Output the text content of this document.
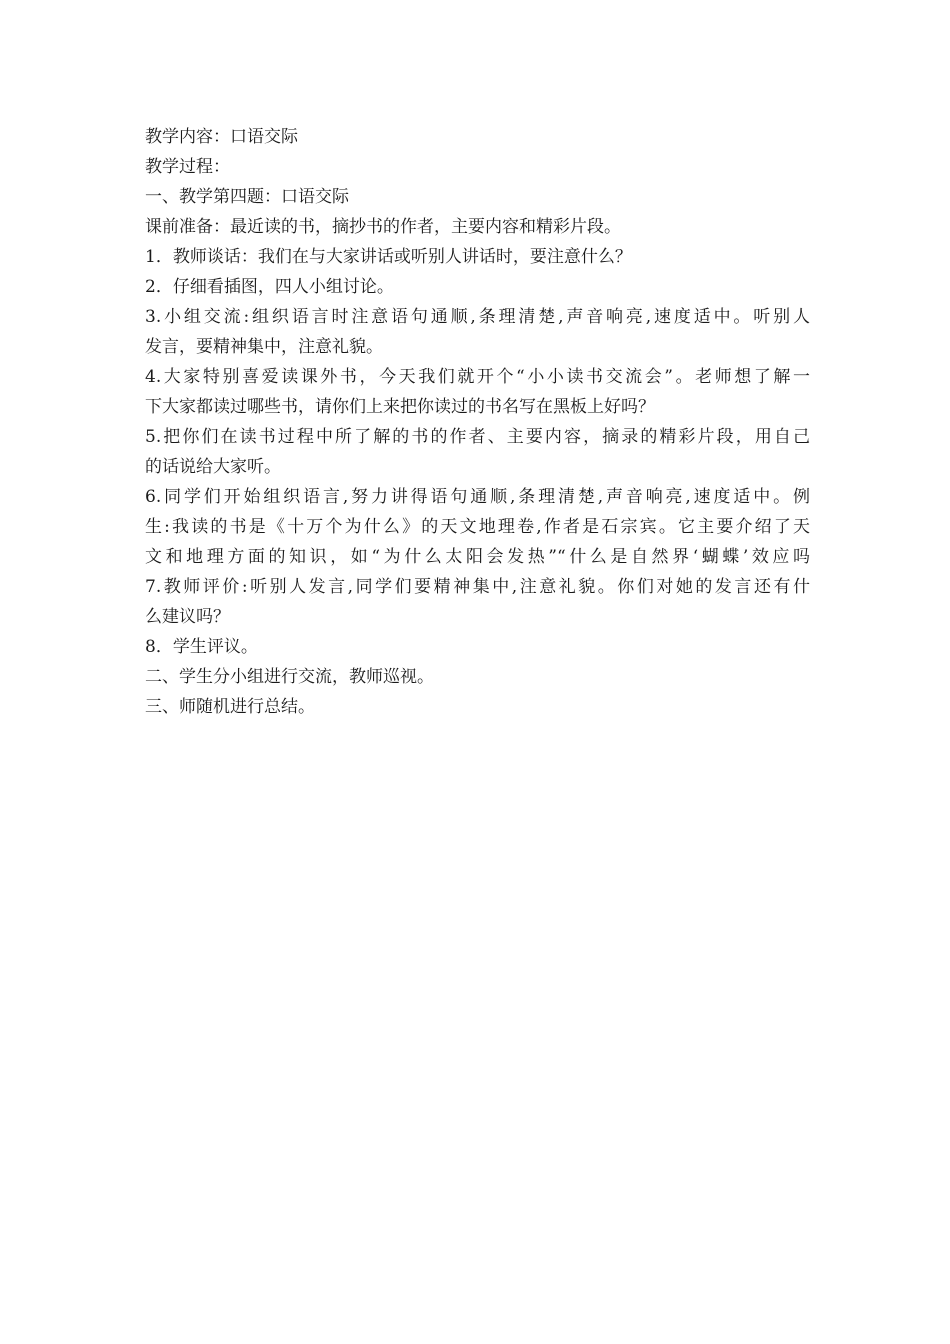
教学内容：口语交际
教学过程：
一、教学第四题：口语交际
课前准备：最近读的书，摘抄书的作者，主要内容和精彩片段。
1．教师谈话：我们在与大家讲话或听别人讲话时，要注意什么？
2．仔细看插图，四人小组讨论。
3.小组交流:组织语言时注意语句通顺,条理清楚,声音响亮,速度适中。听别人
发言，要精神集中，注意礼貌。
4.大家特别喜爱读课外书，今天我们就开个“小小读书交流会”。老师想了解一
下大家都读过哪些书，请你们上来把你读过的书名写在黑板上好吗？
5.把你们在读书过程中所了解的书的作者、主要内容，摘录的精彩片段，用自己
的话说给大家听。
6.同学们开始组织语言,努力讲得语句通顺,条理清楚,声音响亮,速度适中。例
生:我读的书是《十万个为什么》的天文地理卷,作者是石宗宾。它主要介绍了天
文和地理方面的知识，如“为什么太阳会发热”“什么是自然界‘蝴蝶’效应吗
7.教师评价:听别人发言,同学们要精神集中,注意礼貌。你们对她的发言还有什
么建议吗？
8．学生评议。
二、学生分小组进行交流，教师巡视。
三、师随机进行总结。
